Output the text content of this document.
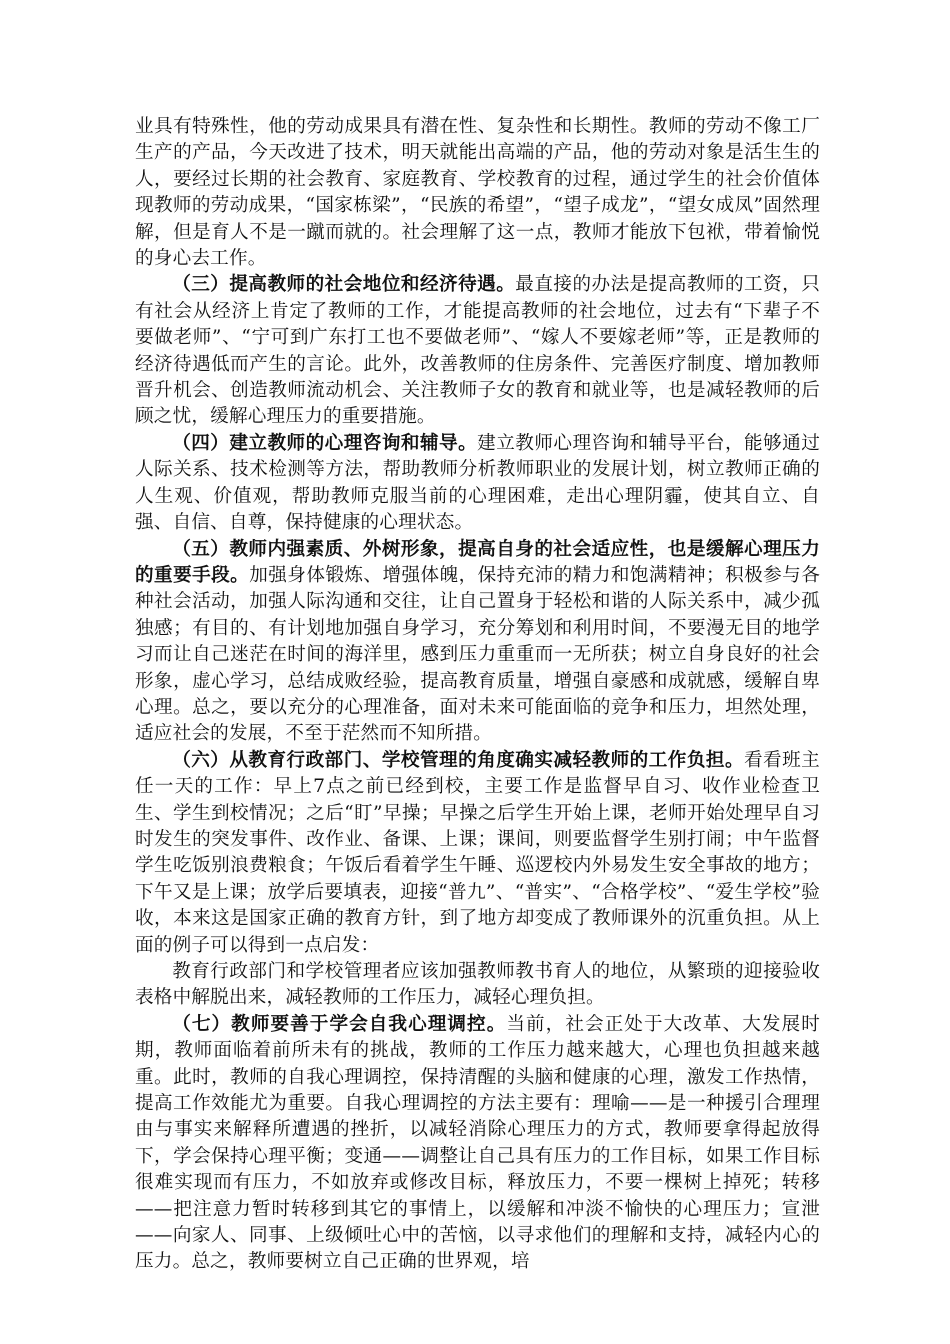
业具有特殊性，他的劳动成果具有潜在性、复杂性和长期性。教师的劳动不像工厂生产的产品，今天改进了技术，明天就能出高端的产品，他的劳动对象是活生生的人，要经过长期的社会教育、家庭教育、学校教育的过程，通过学生的社会价值体现教师的劳动成果，“国家栋梁”，“民族的希望”，“望子成龙”，“望女成凤”固然理解，但是育人不是一蹴而就的。社会理解了这一点，教师才能放下包袱，带着愉悦的身心去工作。

（三）提高教师的社会地位和经济待遇。最直接的办法是提高教师的工资，只有社会从经济上肯定了教师的工作，才能提高教师的社会地位，过去有“下辈子不要做老师”、“宁可到广东打工也不要做老师”、“嫁人不要嫁老师”等，正是教师的经济待遇低而产生的言论。此外，改善教师的住房条件、完善医疗制度、增加教师晋升机会、创造教师流动机会、关注教师子女的教育和就业等，也是减轻教师的后顾之忧，缓解心理压力的重要措施。

（四）建立教师的心理咨询和辅导。建立教师心理咨询和辅导平台，能够通过人际关系、技术检测等方法，帮助教师分析教师职业的发展计划，树立教师正确的人生观、价值观，帮助教师克服当前的心理困难，走出心理阴霾，使其自立、自强、自信、自尊，保持健康的心理状态。

（五）教师内强素质、外树形象，提高自身的社会适应性，也是缓解心理压力的重要手段。加强身体锻炼、增强体魄，保持充沛的精力和饱满精神；积极参与各种社会活动，加强人际沟通和交往，让自己置身于轻松和谐的人际关系中，减少孤独感；有目的、有计划地加强自身学习，充分筹划和利用时间，不要漫无目的地学习而让自己迷茫在时间的海洋里，感到压力重重而一无所获；树立自身良好的社会形象，虚心学习，总结成败经验，提高教育质量，增强自豪感和成就感，缓解自卑心理。总之，要以充分的心理准备，面对未来可能面临的竞争和压力，坦然处理，适应社会的发展，不至于茫然而不知所措。

（六）从教育行政部门、学校管理的角度确实减轻教师的工作负担。看看班主任一天的工作：早上7点之前已经到校，主要工作是监督早自习、收作业检查卫生、学生到校情况；之后“盯”早操；早操之后学生开始上课，老师开始处理早自习时发生的突发事件、改作业、备课、上课；课间，则要监督学生别打闹；中午监督学生吃饭别浪费粮食；午饭后看着学生午睡、巡逻校内外易发生安全事故的地方；下午又是上课；放学后要填表，迎接“普九”、“普实”、“合格学校”、“爱生学校”验收，本来这是国家正确的教育方针，到了地方却变成了教师课外的沉重负担。从上面的例子可以得到一点启发：

教育行政部门和学校管理者应该加强教师教书育人的地位，从繁琐的迎接验收表格中解脱出来，减轻教师的工作压力，减轻心理负担。

（七）教师要善于学会自我心理调控。当前，社会正处于大改革、大发展时期，教师面临着前所未有的挑战，教师的工作压力越来越大，心理也负担越来越重。此时，教师的自我心理调控，保持清醒的头脑和健康的心理，激发工作热情，提高工作效能尤为重要。自我心理调控的方法主要有：理喻——是一种援引合理理由与事实来解释所遭遇的挫折，以减轻消除心理压力的方式，教师要拿得起放得下，学会保持心理平衡；变通——调整让自己具有压力的工作目标，如果工作目标很难实现而有压力，不如放弃或修改目标，释放压力，不要一棵树上掉死；转移——把注意力暂时转移到其它的事情上，以缓解和冲淡不愉快的心理压力；宣泄——向家人、同事、上级倾吐心中的苦恼，以寻求他们的理解和支持，减轻内心的压力。总之，教师要树立自己正确的世界观，培
